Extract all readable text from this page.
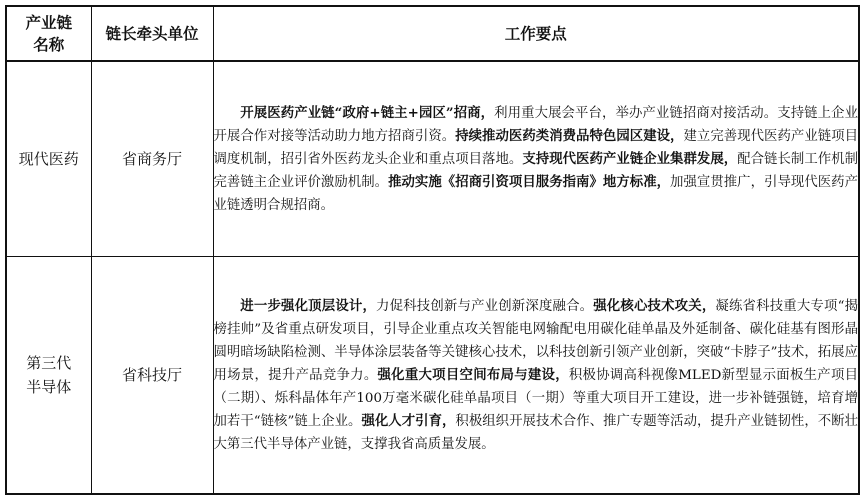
产业链
名称	链长牵头单位	工作要点
现代医药	省商务厅	开展医药产业链“政府+链主+园区”招商，利用重大展会平台，举办产业链招商对接活动。支持链上企业开展合作对接等活动助力地方招商引资。持续推动医药类消费品特色园区建设，建立完善现代医药产业链项目调度机制，招引省外医药龙头企业和重点项目落地。支持现代医药产业链企业集群发展，配合链长制工作机制完善链主企业评价激励机制。推动实施《招商引资项目服务指南》地方标准，加强宣贯推广，引导现代医药产业链透明合规招商。

第三代
半导体	省科技厅	进一步强化顶层设计，力促科技创新与产业创新深度融合。强化核心技术攻关，凝练省科技重大专项“揭榜挂帅”及省重点研发项目，引导企业重点攻关智能电网输配电用碳化硅单晶及外延制备、碳化硅基有图形晶圆明暗场缺陷检测、半导体涂层装备等关键核心技术，以科技创新引领产业创新，突破“卡脖子”技术，拓展应用场景，提升产品竞争力。强化重大项目空间布局与建设，积极协调高科视像MLED新型显示面板生产项目（二期）、烁科晶体年产100万毫米碳化硅单晶项目（一期）等重大项目开工建设，进一步补链强链，培育增加若干“链核”链上企业。强化人才引育，积极组织开展技术合作、推广专题等活动，提升产业链韧性，不断壮大第三代半导体产业链，支撑我省高质量发展。
